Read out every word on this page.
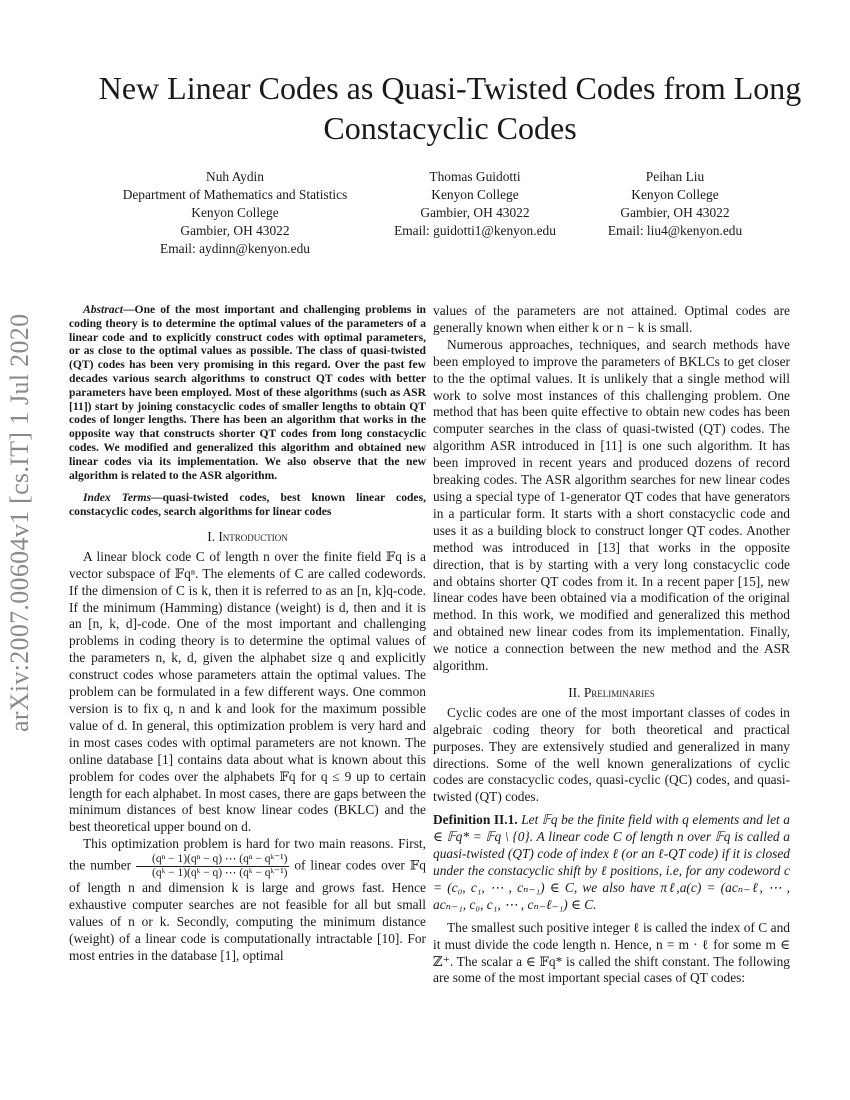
arXiv:2007.00604v1 [cs.IT] 1 Jul 2020
New Linear Codes as Quasi-Twisted Codes from Long Constacyclic Codes
Nuh Aydin
Department of Mathematics and Statistics
Kenyon College
Gambier, OH 43022
Email: aydinn@kenyon.edu
Thomas Guidotti
Kenyon College
Gambier, OH 43022
Email: guidotti1@kenyon.edu
Peihan Liu
Kenyon College
Gambier, OH 43022
Email: liu4@kenyon.edu

Abstract—One of the most important and challenging problems in coding theory is to determine the optimal values of the parameters of a linear code and to explicitly construct codes with optimal parameters, or as close to the optimal values as possible. The class of quasi-twisted (QT) codes has been very promising in this regard. Over the past few decades various search algorithms to construct QT codes with better parameters have been employed. Most of these algorithms (such as ASR [11]) start by joining constacyclic codes of smaller lengths to obtain QT codes of longer lengths. There has been an algorithm that works in the opposite way that constructs shorter QT codes from long constacyclic codes. We modified and generalized this algorithm and obtained new linear codes via its implementation. We also observe that the new algorithm is related to the ASR algorithm.

Index Terms—quasi-twisted codes, best known linear codes, constacyclic codes, search algorithms for linear codes

I. Introduction

A linear block code C of length n over the finite field 𝔽q is a vector subspace of 𝔽qⁿ. The elements of C are called codewords. If the dimension of C is k, then it is referred to as an [n, k]q-code. If the minimum (Hamming) distance (weight) is d, then and it is an [n, k, d]-code. One of the most important and challenging problems in coding theory is to determine the optimal values of the parameters n, k, d, given the alphabet size q and explicitly construct codes whose parameters attain the optimal values. The problem can be formulated in a few different ways. One common version is to fix q, n and k and look for the maximum possible value of d. In general, this optimization problem is very hard and in most cases codes with optimal parameters are not known. The online database [1] contains data about what is known about this problem for codes over the alphabets 𝔽q for q ≤ 9 up to certain length for each alphabet. In most cases, there are gaps between the minimum distances of best know linear codes (BKLC) and the best theoretical upper bound on d.

This optimization problem is hard for two main reasons. First, the number $\frac{\text{(qⁿ − 1)(qⁿ − q) ⋯ (qⁿ − qᵏ⁻¹)}}{\text{(qᵏ − 1)(qᵏ − q) ⋯ (qᵏ − qᵏ⁻¹)}}$ of linear codes over 𝔽q of length n and dimension k is large and grows fast. Hence exhaustive computer searches are not feasible for all but small values of n or k. Secondly, computing the minimum distance (weight) of a linear code is computationally intractable [10]. For most entries in the database [1], optimal

values of the parameters are not attained. Optimal codes are generally known when either k or n − k is small.

Numerous approaches, techniques, and search methods have been employed to improve the parameters of BKLCs to get closer to the the optimal values. It is unlikely that a single method will work to solve most instances of this challenging problem. One method that has been quite effective to obtain new codes has been computer searches in the class of quasi-twisted (QT) codes. The algorithm ASR introduced in [11] is one such algorithm. It has been improved in recent years and produced dozens of record breaking codes. The ASR algorithm searches for new linear codes using a special type of 1-generator QT codes that have generators in a particular form. It starts with a short constacyclic code and uses it as a building block to construct longer QT codes. Another method was introduced in [13] that works in the opposite direction, that is by starting with a very long constacyclic code and obtains shorter QT codes from it. In a recent paper [15], new linear codes have been obtained via a modification of the original method. In this work, we modified and generalized this method and obtained new linear codes from its implementation. Finally, we notice a connection between the new method and the ASR algorithm.

II. Preliminaries

Cyclic codes are one of the most important classes of codes in algebraic coding theory for both theoretical and practical purposes. They are extensively studied and generalized in many directions. Some of the well known generalizations of cyclic codes are constacyclic codes, quasi-cyclic (QC) codes, and quasi-twisted (QT) codes.

Definition II.1. Let 𝔽q be the finite field with q elements and let a ∈ 𝔽q* = 𝔽q \ {0}. A linear code C of length n over 𝔽q is called a quasi-twisted (QT) code of index ℓ (or an ℓ-QT code) if it is closed under the constacyclic shift by ℓ positions, i.e, for any codeword c = (c₀, c₁, ⋯ , cₙ₋₁) ∈ C, we also have πℓ,a(c) = (acₙ₋ℓ, ⋯ , acₙ₋₁, c₀, c₁, ⋯ , cₙ₋ℓ₋₁) ∈ C.

The smallest such positive integer ℓ is called the index of C and it must divide the code length n. Hence, n = m · ℓ for some m ∈ ℤ⁺. The scalar a ∈ 𝔽q* is called the shift constant. The following are some of the most important special cases of QT codes:
